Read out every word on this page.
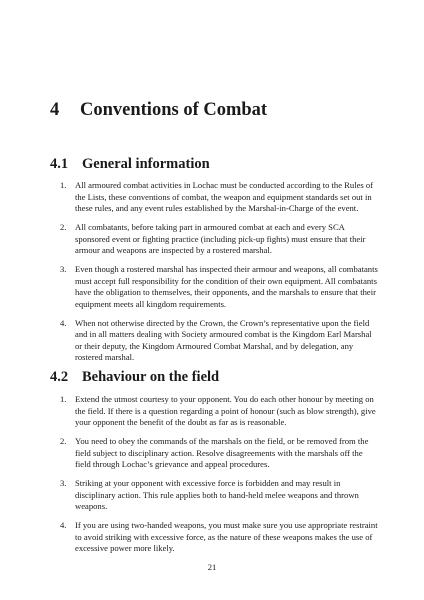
4 Conventions of Combat
4.1 General information
1. All armoured combat activities in Lochac must be conducted according to the Rules of the Lists, these conventions of combat, the weapon and equipment standards set out in these rules, and any event rules established by the Marshal-in-Charge of the event.
2. All combatants, before taking part in armoured combat at each and every SCA sponsored event or fighting practice (including pick-up fights) must ensure that their armour and weapons are inspected by a rostered marshal.
3. Even though a rostered marshal has inspected their armour and weapons, all combatants must accept full responsibility for the condition of their own equipment. All combatants have the obligation to themselves, their opponents, and the marshals to ensure that their equipment meets all kingdom requirements.
4. When not otherwise directed by the Crown, the Crown’s representative upon the field and in all matters dealing with Society armoured combat is the Kingdom Earl Marshal or their deputy, the Kingdom Armoured Combat Marshal, and by delegation, any rostered marshal.
4.2 Behaviour on the field
1. Extend the utmost courtesy to your opponent. You do each other honour by meeting on the field. If there is a question regarding a point of honour (such as blow strength), give your opponent the benefit of the doubt as far as is reasonable.
2. You need to obey the commands of the marshals on the field, or be removed from the field subject to disciplinary action. Resolve disagreements with the marshals off the field through Lochac’s grievance and appeal procedures.
3. Striking at your opponent with excessive force is forbidden and may result in disciplinary action. This rule applies both to hand-held melee weapons and thrown weapons.
4. If you are using two-handed weapons, you must make sure you use appropriate restraint to avoid striking with excessive force, as the nature of these weapons makes the use of excessive power more likely.
21
